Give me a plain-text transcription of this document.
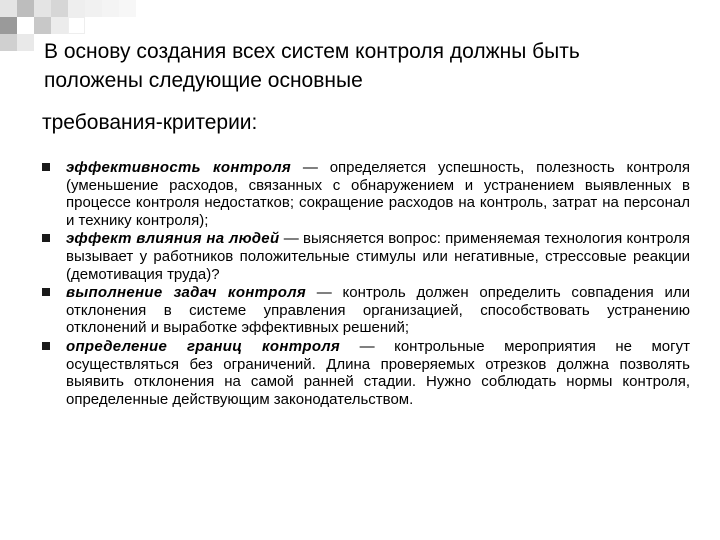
В основу создания всех систем контроля должны быть
положены следующие основные
требования-критерии:
эффективность контроля — определяется успешность, полезность контроля (уменьшение расходов, связанных с обнаружением и устранением выявленных в процессе контроля недостатков; сокращение расходов на контроль, затрат на персонал и технику контроля);
эффект влияния на людей — выясняется вопрос: применяемая технология контроля вызывает у работников положительные стимулы или негативные, стрессовые реакции (демотивация труда)?
выполнение задач контроля — контроль должен определить совпадения или отклонения в системе управления организацией, способствовать устранению отклонений и выработке эффективных решений;
определение границ контроля — контрольные мероприятия не могут осуществляться без ограничений. Длина проверяемых отрезков должна позволять выявить отклонения на самой ранней стадии. Нужно соблюдать нормы контроля, определенные действующим законодательством.
